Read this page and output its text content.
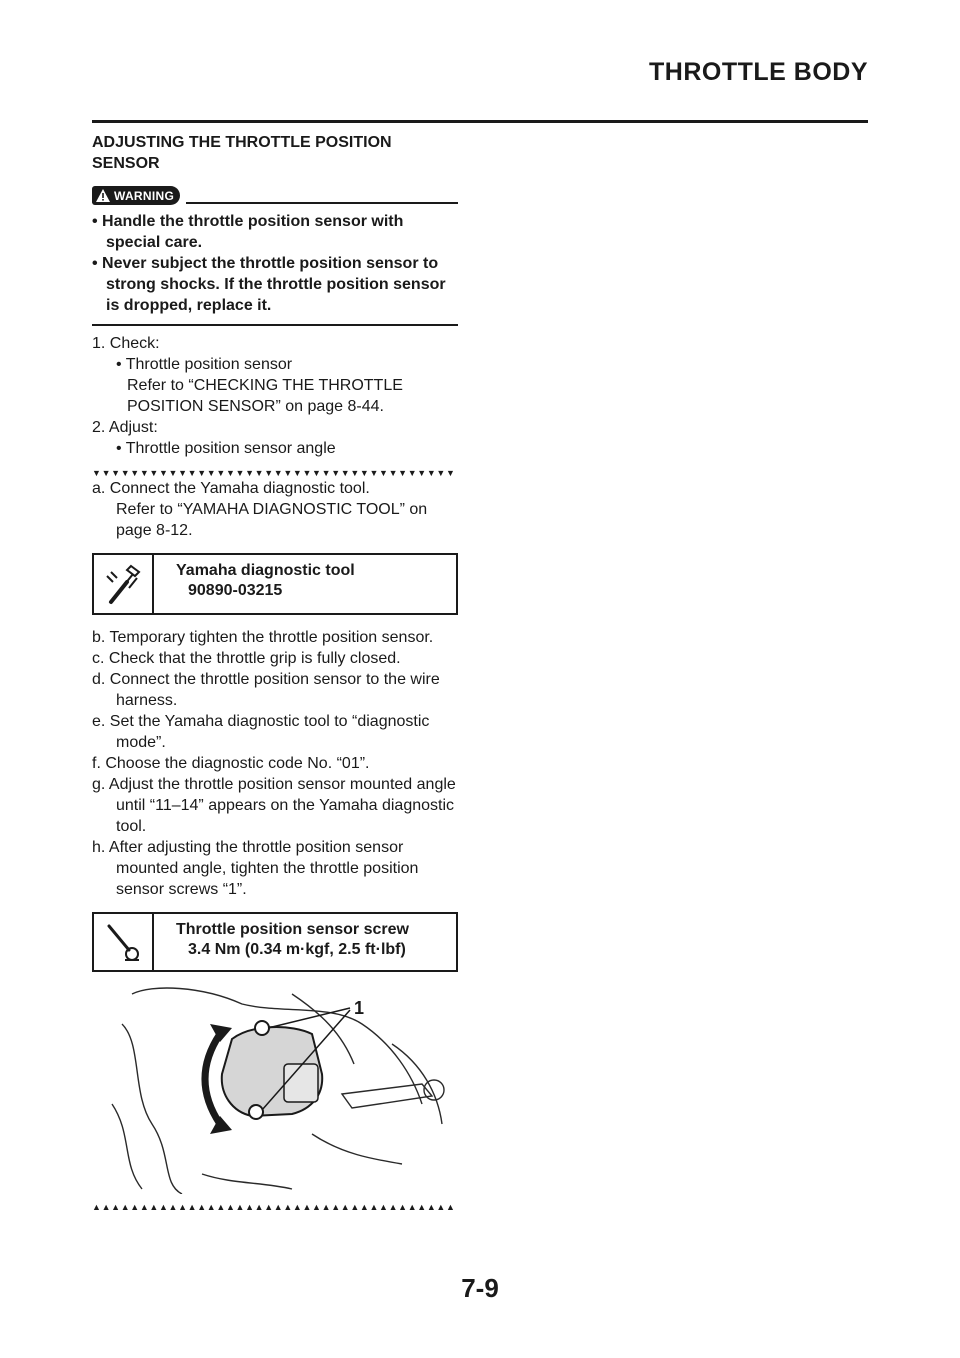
THROTTLE BODY
ADJUSTING THE THROTTLE POSITION SENSOR
WARNING
• Handle the throttle position sensor with special care.
• Never subject the throttle position sensor to strong shocks. If the throttle position sensor is dropped, replace it.
1. Check:
• Throttle position sensor
Refer to “CHECKING THE THROTTLE POSITION SENSOR” on page 8-44.
2. Adjust:
• Throttle position sensor angle
▼▼▼▼▼▼▼▼▼▼▼▼▼▼▼▼▼▼▼▼▼▼▼▼▼▼▼▼▼▼▼▼▼▼▼▼▼▼
a. Connect the Yamaha diagnostic tool.
Refer to “YAMAHA DIAGNOSTIC TOOL” on page 8-12.
Yamaha diagnostic tool
90890-03215
b. Temporary tighten the throttle position sensor.
c. Check that the throttle grip is fully closed.
d. Connect the throttle position sensor to the wire harness.
e. Set the Yamaha diagnostic tool to “diagnostic mode”.
f. Choose the diagnostic code No. “01”.
g. Adjust the throttle position sensor mounted angle until “11–14” appears on the Yamaha diagnostic tool.
h. After adjusting the throttle position sensor mounted angle, tighten the throttle position sensor screws “1”.
Throttle position sensor screw
3.4 Nm (0.34 m·kgf, 2.5 ft·lbf)
1
▲▲▲▲▲▲▲▲▲▲▲▲▲▲▲▲▲▲▲▲▲▲▲▲▲▲▲▲▲▲▲▲▲▲▲▲▲▲
7-9
